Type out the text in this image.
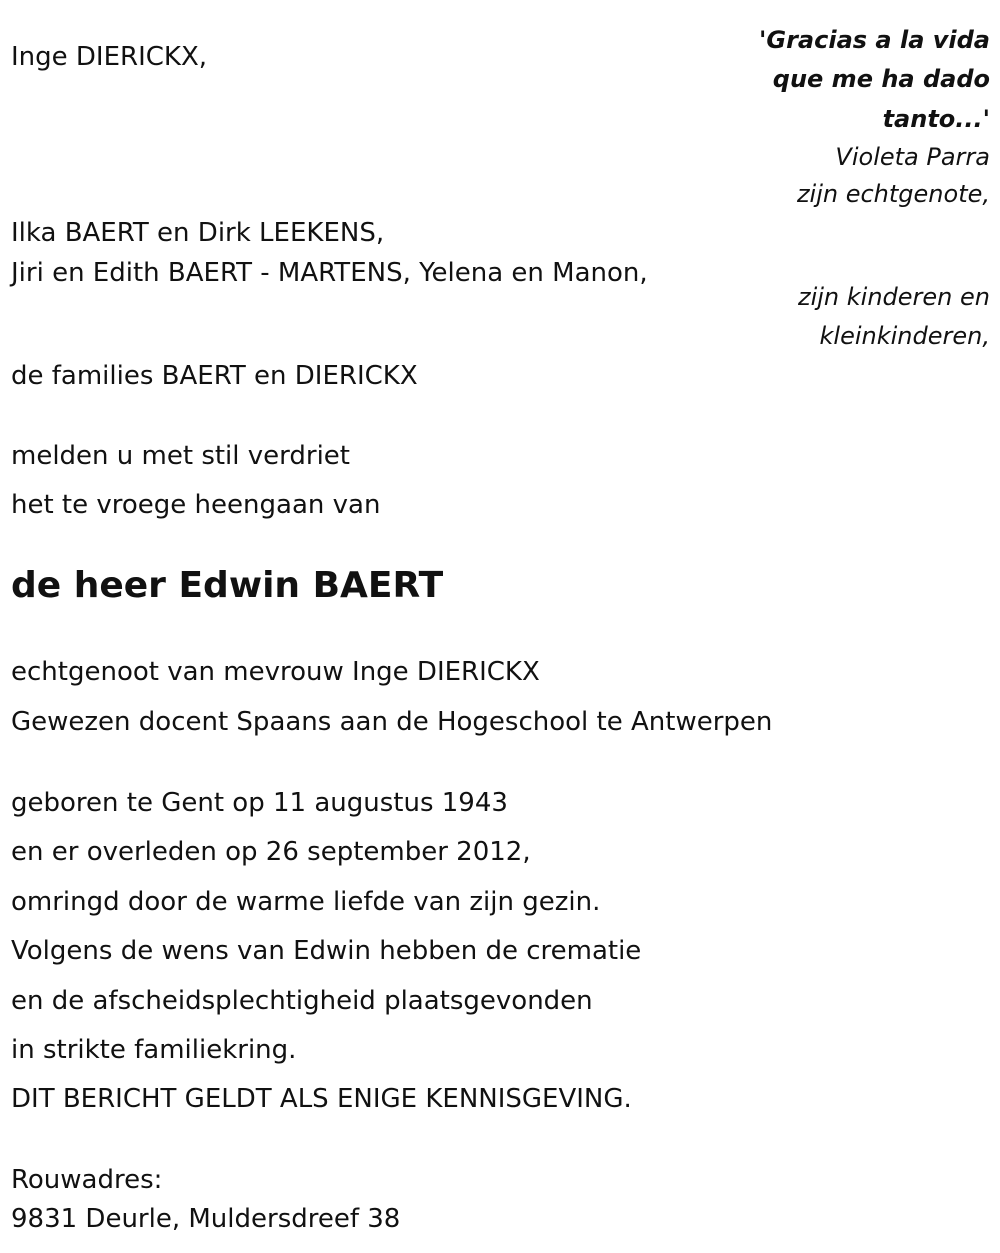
Inge DIERICKX,
'Gracias a la vida
que me ha dado
tanto...'
Violeta Parra
zijn echtgenote,
Ilka BAERT en Dirk LEEKENS,
Jiri en Edith BAERT - MARTENS, Yelena en Manon,
zijn kinderen en
kleinkinderen,
de families BAERT en DIERICKX
melden u met stil verdriet
het te vroege heengaan van
de heer Edwin BAERT
echtgenoot van mevrouw Inge DIERICKX
Gewezen docent Spaans aan de Hogeschool te Antwerpen
geboren te Gent op 11 augustus 1943
en er overleden op 26 september 2012,
omringd door de warme liefde van zijn gezin.
Volgens de wens van Edwin hebben de crematie
en de afscheidsplechtigheid plaatsgevonden
in strikte familiekring.
DIT BERICHT GELDT ALS ENIGE KENNISGEVING.
Rouwadres:
9831 Deurle, Muldersdreef 38
